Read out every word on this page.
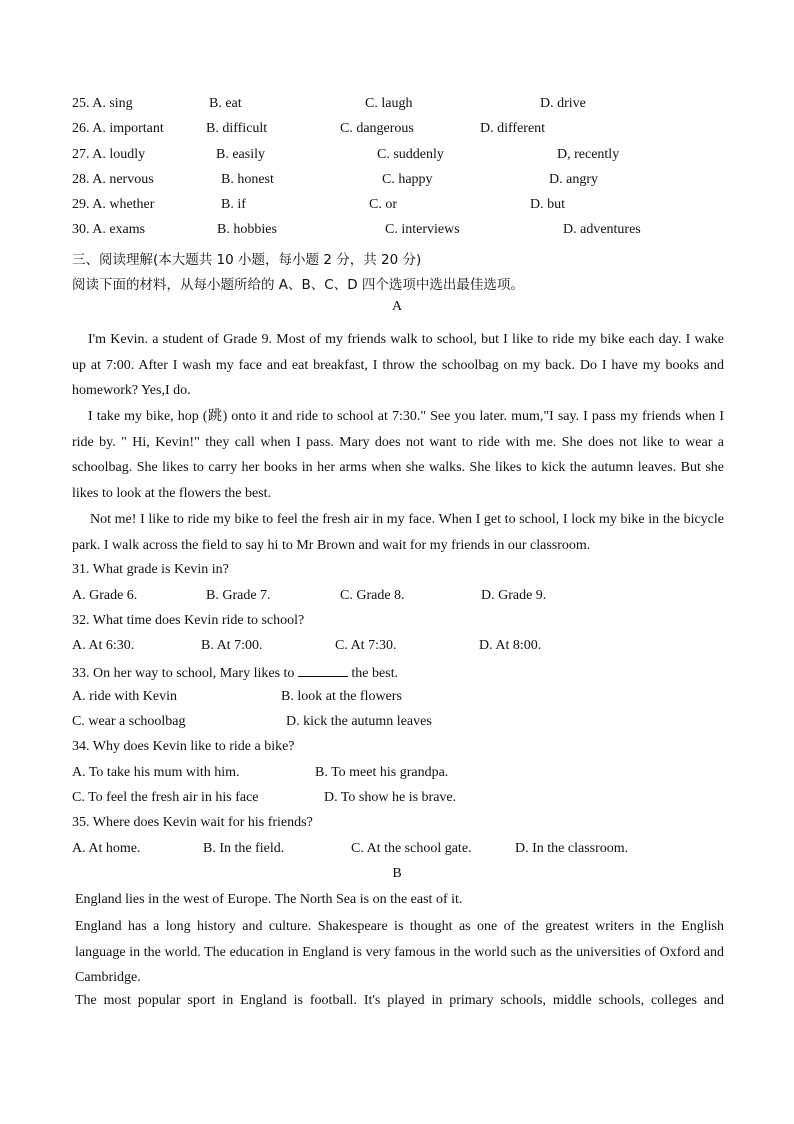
25. A. sing	B. eat	C. laugh	D. drive
26. A. important	B. difficult	C. dangerous	D. different
27. A. loudly	B. easily	C. suddenly	D, recently
28. A. nervous	B. honest	C. happy	D. angry
29. A. whether	B. if	C. or	D. but
30. A. exams	B. hobbies	C. interviews	D. adventures
三、阅读理解(本大题共 10 小题，每小题 2 分，共 20 分)
阅读下面的材料，从每小题所给的 A、B、C、D 四个选项中选出最佳选项。
A
I'm Kevin. a student of Grade 9. Most of my friends walk to school, but I like to ride my bike each day. I wake up at 7:00. After I wash my face and eat breakfast, I throw the schoolbag on my back. Do I have my books and homework? Yes,I do.
I take my bike, hop (跳) onto it and ride to school at 7:30." See you later. mum,"I say. I pass my friends when I ride by. " Hi, Kevin!" they call when I pass. Mary does not want to ride with me. She does not like to wear a schoolbag. She likes to carry her books in her arms when she walks. She likes to kick the autumn leaves. But she likes to look at the flowers the best.
Not me! I like to ride my bike to feel the fresh air in my face. When I get to school, I lock my bike in the bicycle park. I walk across the field to say hi to Mr Brown and wait for my friends in our classroom.
31. What grade is Kevin in?
A. Grade 6.	B. Grade 7.	C. Grade 8.	D. Grade 9.
32. What time does Kevin ride to school?
A. At 6:30.	B. At 7:00.	C. At 7:30.	D. At 8:00.
33. On her way to school, Mary likes to	the best.
A. ride with Kevin	B. look at the flowers
C. wear a schoolbag	D. kick the autumn leaves
34. Why does Kevin like to ride a bike?
A. To take his mum with him.	B. To meet his grandpa.
C. To feel the fresh air in his face	D. To show he is brave.
35. Where does Kevin wait for his friends?
A. At home.	B. In the field.	C. At the school gate.	D. In the classroom.
B
England lies in the west of Europe. The North Sea is on the east of it.
England has a long history and culture. Shakespeare is thought as one of the greatest writers in the English language in the world. The education in England is very famous in the world such as the universities of Oxford and Cambridge.
The most popular sport in England is football. It's played in primary schools, middle schools, colleges and
